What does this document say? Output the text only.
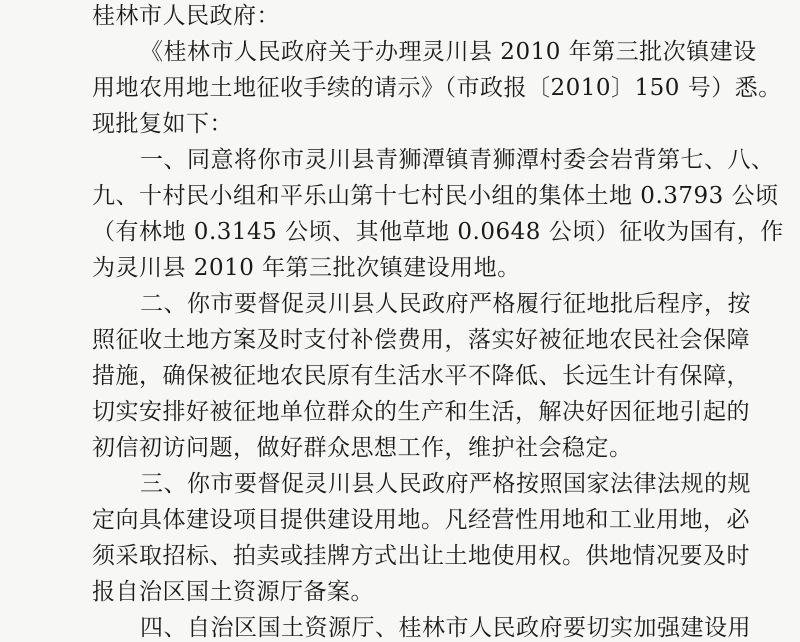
桂林市人民政府：
《桂林市人民政府关于办理灵川县 2010 年第三批次镇建设
用地农用地土地征收手续的请示》（市政报〔2010〕150 号）悉。
现批复如下：
一、同意将你市灵川县青狮潭镇青狮潭村委会岩背第七、八、
九、十村民小组和平乐山第十七村民小组的集体土地 0.3793 公顷
（有林地 0.3145 公顷、其他草地 0.0648 公顷）征收为国有，作
为灵川县 2010 年第三批次镇建设用地。
二、你市要督促灵川县人民政府严格履行征地批后程序，按
照征收土地方案及时支付补偿费用，落实好被征地农民社会保障
措施，确保被征地农民原有生活水平不降低、长远生计有保障，
切实安排好被征地单位群众的生产和生活，解决好因征地引起的
初信初访问题，做好群众思想工作，维护社会稳定。
三、你市要督促灵川县人民政府严格按照国家法律法规的规
定向具体建设项目提供建设用地。凡经营性用地和工业用地，必
须采取招标、拍卖或挂牌方式出让土地使用权。供地情况要及时
报自治区国土资源厅备案。
四、自治区国土资源厅、桂林市人民政府要切实加强建设用
